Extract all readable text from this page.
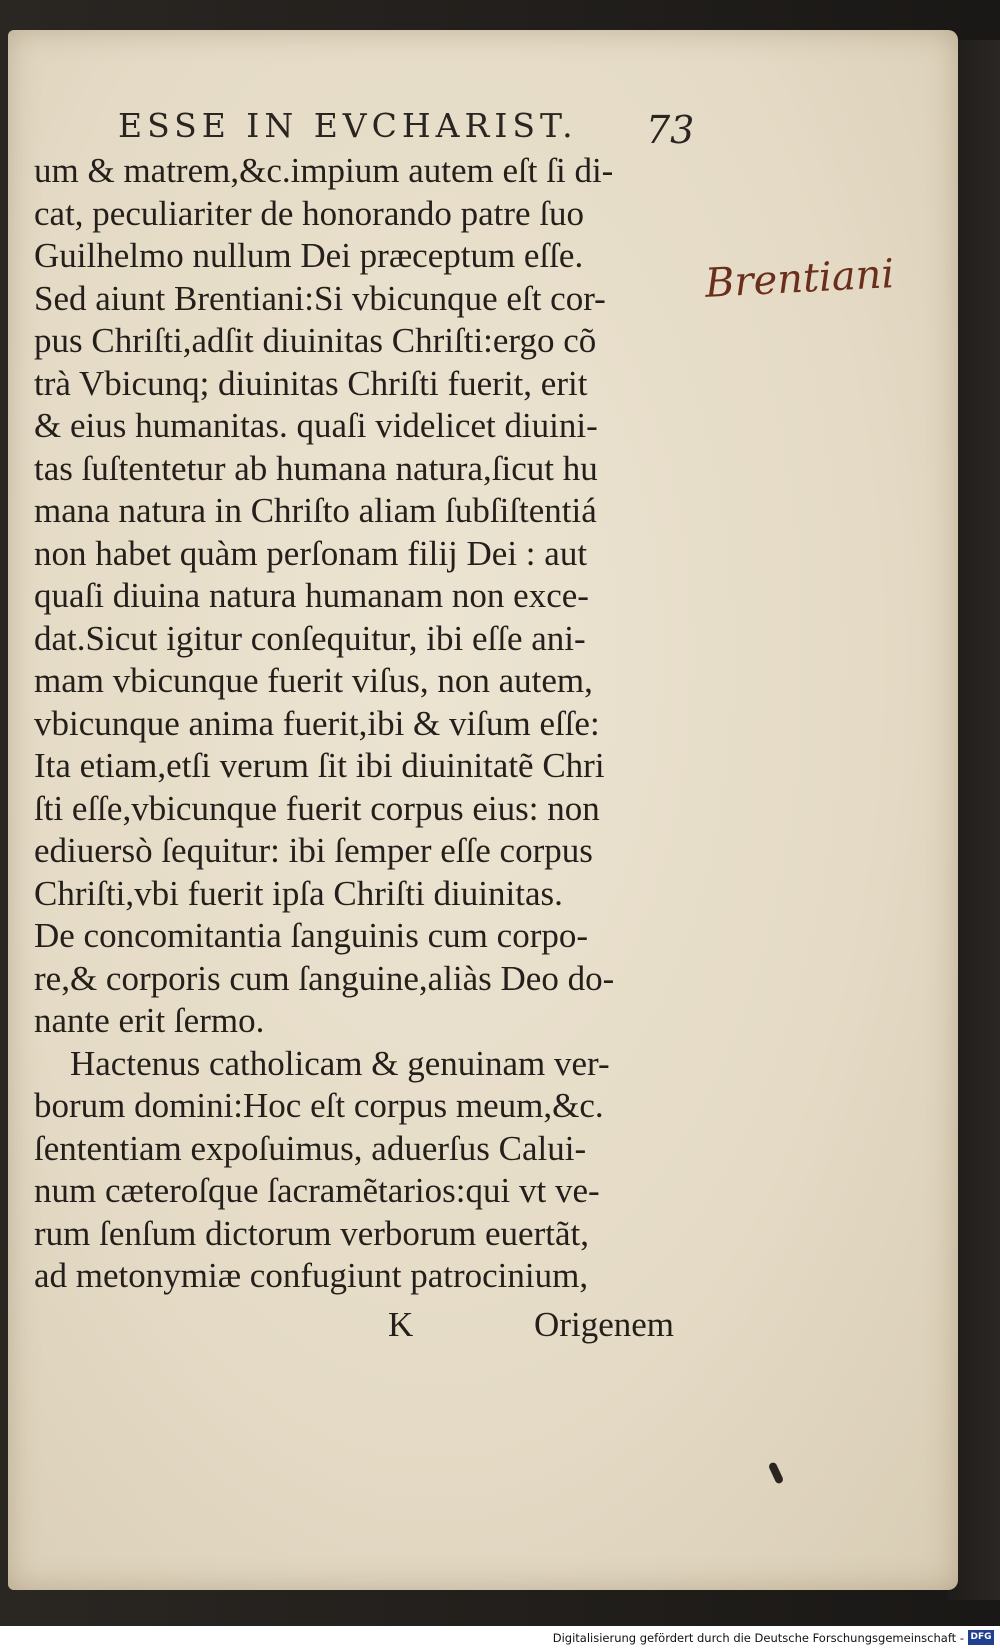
ESSE IN EVCHARIST. 73
um & matrem,&c.impium autem eſt ſi di-
cat, peculiariter de honorando patre ſuo
Guilhelmo nullum Dei præceptum eſſe.
Sed aiunt Brentiani:Si vbicunque eſt cor-
pus Chriſti,adſit diuinitas Chriſti:ergo cõ
trà Vbicunq; diuinitas Chriſti fuerit, erit
& eius humanitas. quaſi videlicet diuini-
tas ſuſtentetur ab humana natura,ſicut hu
mana natura in Chriſto aliam ſubſiſtentiá
non habet quàm perſonam filij Dei : aut
quaſi diuina natura humanam non exce-
dat.Sicut igitur conſequitur, ibi eſſe ani-
mam vbicunque fuerit viſus, non autem,
vbicunque anima fuerit,ibi & viſum eſſe:
Ita etiam,etſi verum ſit ibi diuinitatẽ Chri
ſti eſſe,vbicunque fuerit corpus eius: non
ediuersò ſequitur: ibi ſemper eſſe corpus
Chriſti,vbi fuerit ipſa Chriſti diuinitas.
De concomitantia ſanguinis cum corpo-
re,& corporis cum ſanguine,aliàs Deo do-
nante erit ſermo.
Hactenus catholicam & genuinam ver-
borum domini:Hoc eſt corpus meum,&c.
ſententiam expoſuimus, aduerſus Calui-
num cæteroſque ſacramẽtarios:qui vt ve-
rum ſenſum dictorum verborum euertãt,
ad metonymiæ confugiunt patrocinium,
K	Origenem
Brentiani
Digitalisierung gefördert durch die Deutsche Forschungsgemeinschaft - DFG
